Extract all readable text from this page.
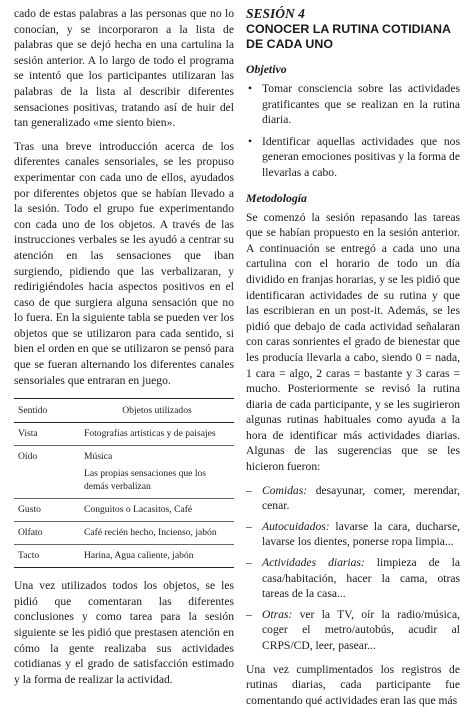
cado de estas palabras a las personas que no lo conocían, y se incorporaron a la lista de palabras que se dejó hecha en una cartulina la sesión anterior. A lo largo de todo el programa se intentó que los participantes utilizaran las palabras de la lista al describir diferentes sensaciones positivas, tratando así de huir del tan generalizado «me siento bien».

Tras una breve introducción acerca de los diferentes canales sensoriales, se les propuso experimentar con cada uno de ellos, ayudados por diferentes objetos que se habían llevado a la sesión. Todo el grupo fue experimentando con cada uno de los objetos. A través de las instrucciones verbales se les ayudó a centrar su atención en las sensaciones que iban surgiendo, pidiendo que las verbalizaran, y redirigiéndoles hacia aspectos positivos en el caso de que surgiera alguna sensación que no lo fuera. En la siguiente tabla se pueden ver los objetos que se utilizaron para cada sentido, si bien el orden en que se utilizaron se pensó para que se fueran alternando los diferentes canales sensoriales que entraran en juego.

Sentido	Objetos utilizados
Vista	Fotografías artísticas y de paisajes
Oído	Música
Las propias sensaciones que los demás verbalizan

Gusto	Conguitos o Lacasitos, Café
Olfato	Café recién hecho, Incienso, jabón
Tacto	Harina, Agua caliente, jabón

Una vez utilizados todos los objetos, se les pidió que comentaran las diferentes conclusiones y como tarea para la sesión siguiente se les pidió que prestasen atención en cómo la gente realizaba sus actividades cotidianas y el grado de satisfacción estimado y la forma de realizar la actividad.

SESIÓN 4
CONOCER LA RUTINA COTIDIANA DE CADA UNO
Objetivo
• Tomar consciencia sobre las actividades gratificantes que se realizan en la rutina diaria.
• Identificar aquellas actividades que nos generan emociones positivas y la forma de llevarlas a cabo.
Metodología

Se comenzó la sesión repasando las tareas que se habían propuesto en la sesión anterior. A continuación se entregó a cada uno una cartulina con el horario de todo un día dividido en franjas horarias, y se les pidió que identificaran actividades de su rutina y que las escribieran en un post-it. Además, se les pidió que debajo de cada actividad señalaran con caras sonrientes el grado de bienestar que les producía llevarla a cabo, siendo 0 = nada, 1 cara = algo, 2 caras = bastante y 3 caras = mucho. Posteriormente se revisó la rutina diaria de cada participante, y se les sugirieron algunas rutinas habituales como ayuda a la hora de identificar más actividades diarias. Algunas de las sugerencias que se les hicieron fueron:

– Comidas: desayunar, comer, merendar, cenar.
– Autocuidados: lavarse la cara, ducharse, lavarse los dientes, ponerse ropa limpia...
– Actividades diarias: limpieza de la casa/habitación, hacer la cama, otras tareas de la casa...
– Otras: ver la TV, oír la radio/música, coger el metro/autobús, acudir al CRPS/CD, leer, pasear...

Una vez cumplimentados los registros de rutinas diarias, cada participante fue comentando qué actividades eran las que más
